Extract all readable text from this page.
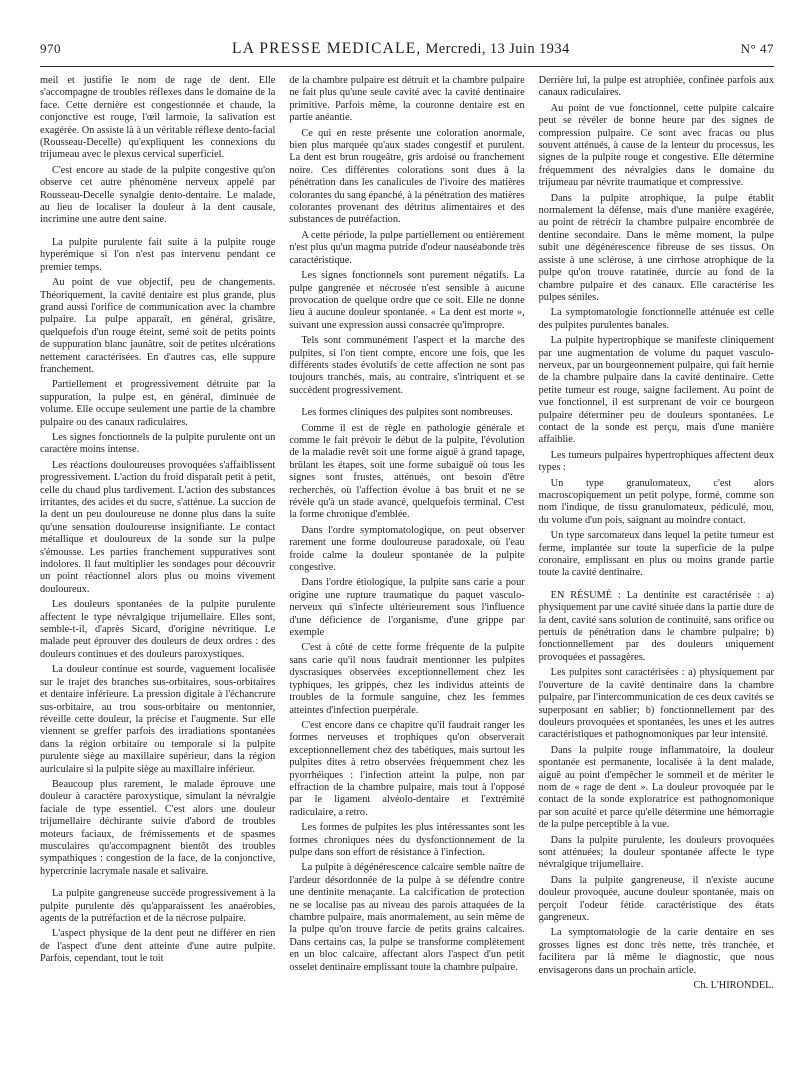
970	LA PRESSE MEDICALE, Mercredi, 13 Juin 1934	N° 47

meil et justifie le nom de rage de dent. Elle s'accompagne de troubles réflexes dans le domaine de la face. Cette dernière est congestionnée et chaude, la conjonctive est rouge, l'œil larmoie, la salivation est exagérée. On assiste là à un véritable réflexe dento-facial (Rousseau-Decelle) qu'expliquent les connexions du trijumeau avec le plexus cervical superficiel.

C'est encore au stade de la pulpite congestive qu'on observe cet autre phénomène nerveux appelé par Rousseau-Decelle synalgie dento-dentaire. Le malade, au lieu de localiser la douleur à la dent causale, incrimine une autre dent saine.

La pulpite purulente fait suite à la pulpite rouge hyperémique si l'on n'est pas intervenu pendant ce premier temps.

Au point de vue objectif, peu de changements. Théoriquement, la cavité dentaire est plus grande, plus grand aussi l'orifice de communication avec la chambre pulpaire. La pulpe apparaît, en général, grisâtre, quelquefois d'un rouge éteint, semé soit de petits points de suppuration blanc jaunâtre, soit de petites ulcérations nettement caractérisées. En d'autres cas, elle suppure franchement.

Partiellement et progressivement détruite par la suppuration, la pulpe est, en général, diminuée de volume. Elle occupe seulement une partie de la chambre pulpaire ou des canaux radiculaires.

Les signes fonctionnels de la pulpite purulente ont un caractère moins intense.

Les réactions douloureuses provoquées s'affaiblissent progressivement. L'action du froid disparaît petit à petit, celle du chaud plus tardivement. L'action des substances irritantes, des acides et du sucre, s'atténue. La succion de la dent un peu douloureuse ne donne plus dans la suite qu'une sensation douloureuse insignifiante. Le contact métallique et douloureux de la sonde sur la pulpe s'émousse. Les parties franchement suppuratives sont indolores. Il faut multiplier les sondages pour découvrir un point réactionnel alors plus ou moins vivement douloureux.

Les douleurs spontanées de la pulpite purulente affectent le type névralgique trijumellaire. Elles sont, semble-t-il, d'après Sicard, d'origine névritique. Le malade peut éprouver des douleurs de deux ordres : des douleurs continues et des douleurs paroxystiques.

La douleur continue est sourde, vaguement localisée sur le trajet des branches sus-orbitaires, sous-orbitaires et dentaire inférieure. La pression digitale à l'échancrure sus-orbitaire, au trou sous-orbitaire ou mentonnier, réveille cette douleur, la précise et l'augmente. Sur elle viennent se greffer parfois des irradiations spontanées dans la région orbitaire ou temporale si la pulpite purulente siège au maxillaire supérieur, dans la région auriculaire si la pulpite siège au maxillaire inférieur.

Beaucoup plus rarement, le malade éprouve une douleur à caractère paroxystique, simulant la névralgie faciale de type essentiel. C'est alors une douleur trijumellaire déchirante suivie d'abord de troubles moteurs faciaux, de frémissements et de spasmes musculaires qu'accompagnent bientôt des troubles sympathiques : congestion de la face, de la conjonctive, hypercrinie lacrymale nasale et salivaire.

La pulpite gangreneuse succède progressivement à la pulpite purulente dès qu'apparaissent les anaérobies, agents de la putréfaction et de la nécrose pulpaire.

L'aspect physique de la dent peut ne différer en rien de l'aspect d'une dent atteinte d'une autre pulpite. Parfois, cependant, tout le toit

de la chambre pulpaire est détruit et la chambre pulpaire ne fait plus qu'une seule cavité avec la cavité dentinaire primitive. Parfois même, la couronne dentaire est en partie anéantie.

Ce qui en reste présente une coloration anormale, bien plus marquée qu'aux stades congestif et purulent. La dent est brun rougeâtre, gris ardoisé ou franchement noire. Ces différentes colorations sont dues à la pénétration dans les canalicules de l'ivoire des matières colorantes du sang épanché, à la pénétration des matières colorantes provenant des détritus alimentaires et des substances de putréfaction.

A cette période, la pulpe partiellement ou entièrement n'est plus qu'un magma putride d'odeur nauséabonde très caractéristique.

Les signes fonctionnels sont purement négatifs. La pulpe gangrenée et nécrosée n'est sensible à aucune provocation de quelque ordre que ce soit. Elle ne donne lieu à aucune douleur spontanée. « La dent est morte », suivant une expression aussi consacrée qu'impropre.

Tels sont communément l'aspect et la marche des pulpites, si l'on tient compte, encore une fois, que les différents stades évolutifs de cette affection ne sont pas toujours tranchés, mais, au contraire, s'intriquent et se succèdent progressivement.

Les formes cliniques des pulpites sont nombreuses.

Comme il est de règle en pathologie générale et comme le fait prévoir le début de la pulpite, l'évolution de la maladie revêt soit une forme aiguë à grand tapage, brûlant les étapes, soit une forme subaiguë où tous les signes sont frustes, atténués, ont besoin d'être recherchés, où l'affection évolue à bas bruit et ne se révèle qu'à un stade avancé, quelquefois terminal. C'est la forme chronique d'emblée.

Dans l'ordre symptomatologique, on peut observer rarement une forme douloureuse paradoxale, où l'eau froide calme la douleur spontanée de la pulpite congestive.

Dans l'ordre étiologique, la pulpite sans carie a pour origine une rupture traumatique du paquet vasculo-nerveux qui s'infecte ultérieurement sous l'influence d'une déficience de l'organisme, d'une grippe par exemple

C'est à côté de cette forme fréquente de la pulpite sans carie qu'il nous faudrait mentionner les pulpites dyscrasiques observées exceptionnellement chez les typhiques, les grippés, chez les individus atteints de troubles de la formule sanguine, chez les femmes atteintes d'infection puerpérale.

C'est encore dans ce chapitre qu'il faudrait ranger les formes nerveuses et trophiques qu'on observerait exceptionnellement chez des tabétiques, mais surtout les pulpites dites à retro observées fréquemment chez les pyorrhéiques : l'infection atteint la pulpe, non par effraction de la chambre pulpaire, mais tout à l'opposé par le ligament alvéolo-dentaire et l'extrémité radiculaire, a retro.

Les formes de pulpites les plus intéressantes sont les formes chroniques nées du dysfonctionnement de la pulpe dans son effort de résistance à l'infection.

La pulpite à dégénérescence calcaire semble naître de l'ardeur désordonnée de la pulpe à se défendre contre une dentinite menaçante. La calcification de protection ne se localise pas au niveau des parois attaquées de la chambre pulpaire, mais anormalement, au sein même de la pulpe qu'on trouve farcie de petits grains calcaires. Dans certains cas, la pulpe se transforme complètement en un bloc calcaire, affectant alors l'aspect d'un petit osselet dentinaire emplissant toute la chambre pulpaire.

Derrière lui, la pulpe est atrophiée, confinée parfois aux canaux radiculaires.

Au point de vue fonctionnel, cette pulpite calcaire peut se révéler de bonne heure par des signes de compression pulpaire. Ce sont avec fracas ou plus souvent atténués, à cause de la lenteur du processus, les signes de la pulpite rouge et congestive. Elle détermine fréquemment des névralgies dans le domaine du trijumeau par névrite traumatique et compressive.

Dans la pulpite atrophique, la pulpe établit normalement la défense, mais d'une manière exagérée, au point de rétrécir la chambre pulpaire encombrée de dentine secondaire. Dans le même moment, la pulpe subit une dégénérescence fibreuse de ses tissus. On assiste à une sclérose, à une cirrhose atrophique de la pulpe qu'on trouve ratatinée, durcie au fond de la chambre pulpaire et des canaux. Elle caractérise les pulpes séniles.

La symptomatologie fonctionnelle atténuée est celle des pulpites purulentes banales.

La pulpite hypertrophique se manifeste cliniquement par une augmentation de volume du paquet vasculo-nerveux, par un bourgeonnement pulpaire, qui fait hernie de la chambre pulpaire dans la cavité dentinaire. Cette petite tumeur est rouge, saigne facilement. Au point de vue fonctionnel, il est surprenant de voir ce bourgeon pulpaire déterminer peu de douleurs spontanées. Le contact de la sonde est perçu, mais d'une manière affaiblie.

Les tumeurs pulpaires hypertrophiques affectent deux types :

Un type granulomateux, c'est alors macroscopiquement un petit polype, formé, comme son nom l'indique, de tissu granulomateux, pédiculé, mou, du volume d'un pois, saignant au moindre contact.

Un type sarcomateux dans lequel la petite tumeur est ferme, implantée sur toute la superficie de la pulpe coronaire, emplissant en plus ou moins grande partie toute la cavité dentinaire.

EN RÉSUMÉ : La dentinite est caractérisée : a) physiquement par une cavité située dans la partie dure de la dent, cavité sans solution de continuité, sans orifice ou pertuis de pénétration dans le chambre pulpaire; b) fonctionnellement par des douleurs uniquement provoquées et passagères.

Les pulpites sont caractérisées : a) physiquement par l'ouverture de la cavité dentinaire dans la chambre pulpaire, par l'intercommunication de ces deux cavités se superposant en sablier; b) fonctionnellement par des douleurs provoquées et spontanées, les unes et les autres caractéristiques et pathognomoniques par leur intensité.

Dans la pulpite rouge inflammatoire, la douleur spontanée est permanente, localisée à la dent malade, aiguë au point d'empêcher le sommeil et de mériter le nom de « rage de dent ». La douleur provoquée par le contact de la sonde exploratrice est pathognomonique par son acuité et parce qu'elle détermine une hémorragie de la pulpe perceptible à la vue.

Dans la pulpite purulente, les douleurs provoquées sont atténuées; la douleur spontanée affecte le type névralgique trijumellaire.

Dans la pulpite gangreneuse, il n'existe aucune douleur provoquée, aucune douleur spontanée, mais on perçoit l'odeur fétide caractéristique des états gangreneux.

La symptomatologie de la carie dentaire en ses grosses lignes est donc très nette, très tranchée, et facilitera par là même le diagnostic, que nous envisagerons dans un prochain article.

Ch. L'HIRONDEL.
